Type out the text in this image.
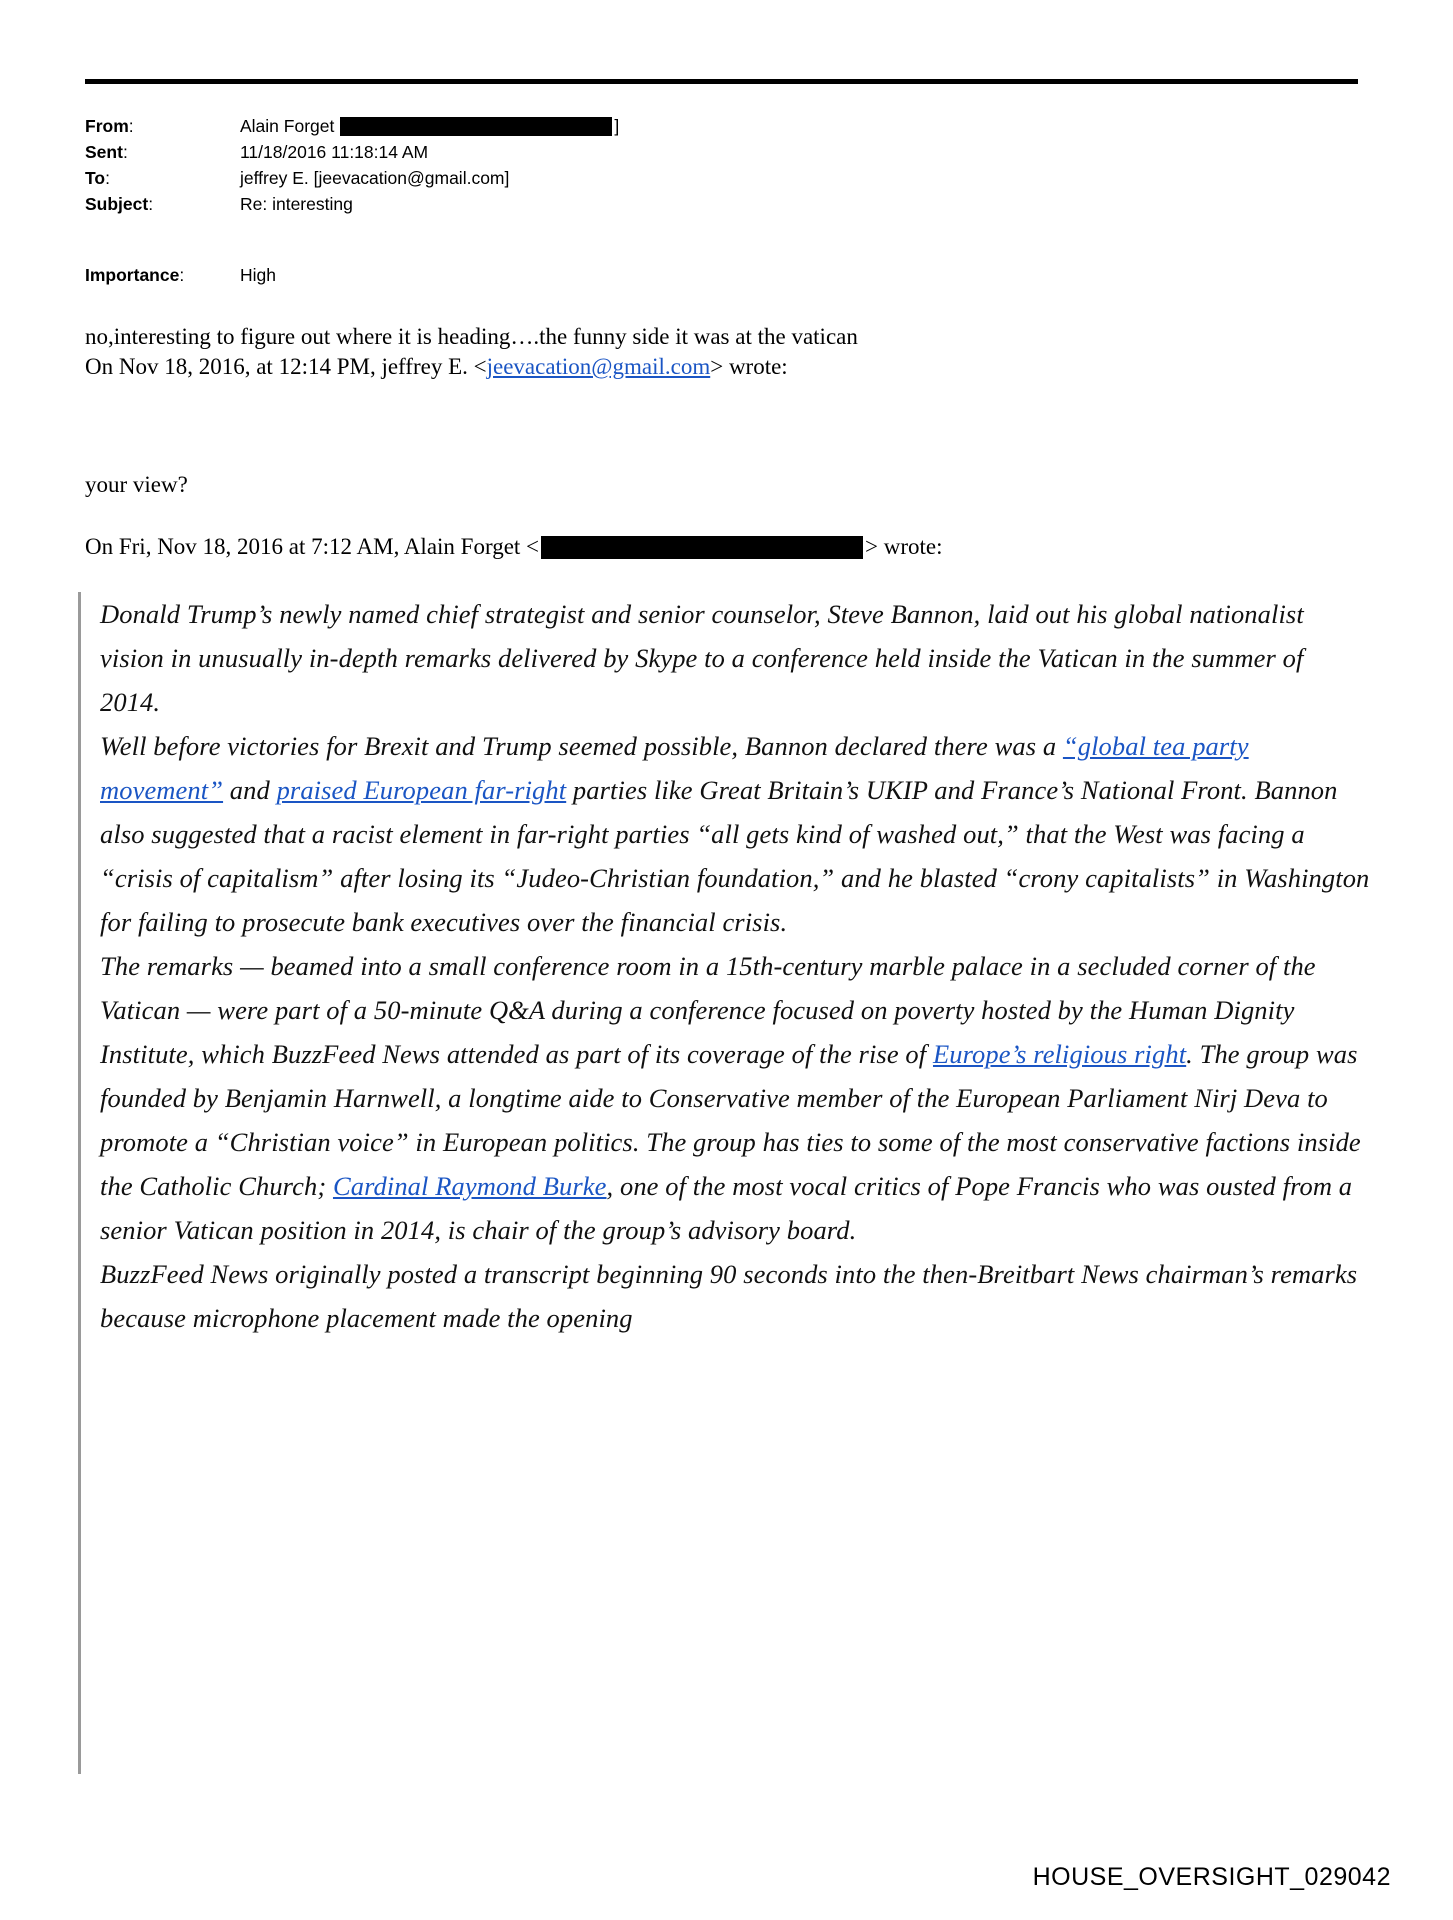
From:	Alain Forget	]
Sent:	11/18/2016 11:18:14 AM
To:	jeffrey E. [jeevacation@gmail.com]
Subject:	Re: interesting
Importance:	High

no,interesting to figure out where it is heading….the funny side it was at the vatican

On Nov 18, 2016, at 12:14 PM, jeffrey E. <jeevacation@gmail.com> wrote:

your view?
On Fri, Nov 18, 2016 at 7:12 AM, Alain Forget <	> wrote:

Donald Trump’s newly named chief strategist and senior counselor, Steve Bannon, laid out his global nationalist vision in unusually in-depth remarks delivered by Skype to a conference held inside the Vatican in the summer of 2014.

Well before victories for Brexit and Trump seemed possible, Bannon declared there was a “global tea party movement” and praised European far-right parties like Great Britain’s UKIP and France’s National Front. Bannon also suggested that a racist element in far-right parties “all gets kind of washed out,” that the West was facing a “crisis of capitalism” after losing its “Judeo-Christian foundation,” and he blasted “crony capitalists” in Washington for failing to prosecute bank executives over the financial crisis.

The remarks — beamed into a small conference room in a 15th-century marble palace in a secluded corner of the Vatican — were part of a 50-minute Q&A during a conference focused on poverty hosted by the Human Dignity Institute, which BuzzFeed News attended as part of its coverage of the rise of Europe’s religious right. The group was founded by Benjamin Harnwell, a longtime aide to Conservative member of the European Parliament Nirj Deva to promote a “Christian voice” in European politics. The group has ties to some of the most conservative factions inside the Catholic Church; Cardinal Raymond Burke, one of the most vocal critics of Pope Francis who was ousted from a senior Vatican position in 2014, is chair of the group’s advisory board.

BuzzFeed News originally posted a transcript beginning 90 seconds into the then-Breitbart News chairman’s remarks because microphone placement made the opening

HOUSE_OVERSIGHT_029042
